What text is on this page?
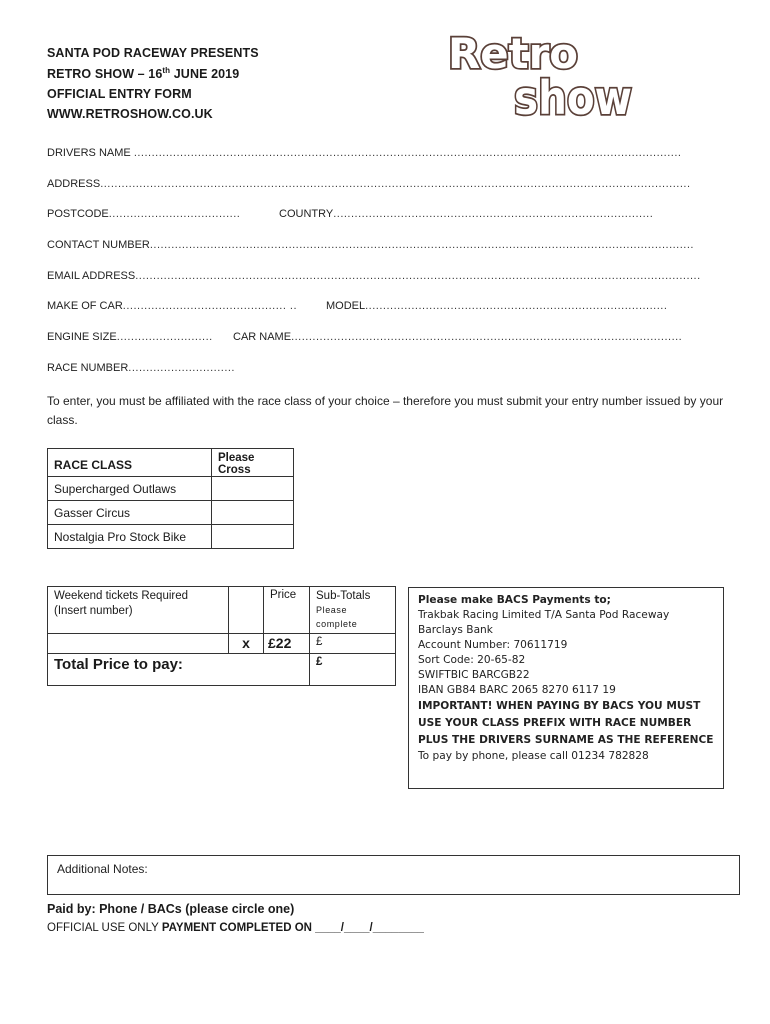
SANTA POD RACEWAY PRESENTS
RETRO SHOW – 16th JUNE 2019
OFFICIAL ENTRY FORM
WWW.RETROSHOW.CO.UK
Retro
show
DRIVERS NAME ..........................................................................................................................................................
ADDRESS......................................................................................................................................................................
POSTCODE.....................................	COUNTRY..........................................................................................
CONTACT NUMBER.........................................................................................................................................................
EMAIL ADDRESS...............................................................................................................................................................
MAKE OF CAR.............................................. ..	MODEL.....................................................................................
ENGINE SIZE........................... CAR NAME..............................................................................................................
RACE NUMBER..............................
To enter, you must be affiliated with the race class of your choice – therefore you must submit your entry number issued by your class.
RACE CLASS	Please Cross
Supercharged Outlaws	
Gasser Circus	
Nostalgia Pro Stock Bike	
Weekend tickets Required (Insert number)		Price	Sub-Totals
Please complete

	x	£22	£
Total Price to pay:			£
Please make BACS Payments to;
Trakbak Racing Limited T/A Santa Pod Raceway
Barclays Bank
Account Number: 70611719
Sort Code: 20-65-82
SWIFTBIC BARCGB22
IBAN GB84 BARC 2065 8270 6117 19
IMPORTANT! WHEN PAYING BY BACS YOU MUST USE YOUR CLASS PREFIX WITH RACE NUMBER PLUS THE DRIVERS SURNAME AS THE REFERENCE
To pay by phone, please call 01234 782828
Additional Notes:
Paid by: Phone / BACs (please circle one)
OFFICIAL USE ONLY PAYMENT COMPLETED ON ____/____/________
